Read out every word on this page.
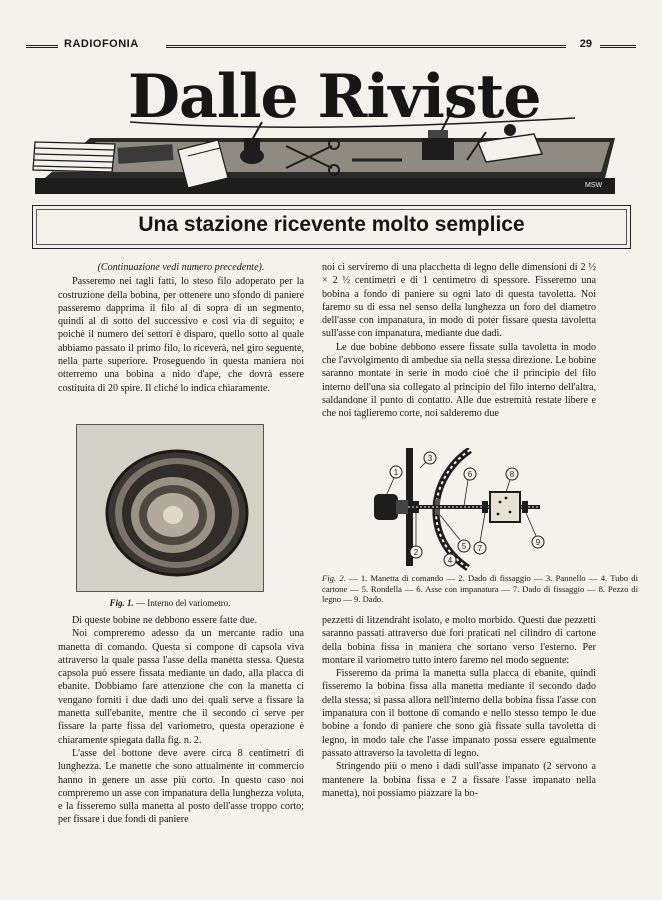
RADIOFONIA	29
Dalle Riviste
MSW
Una stazione ricevente molto semplice

(Continuazione vedi numero precedente).

Passeremo nei tagli fatti, lo steso filo adoperato per la costruzione della bobina, per ottenere uno sfondo di paniere passeremo dapprima il filo al di sopra di un segmento, quindi al di sotto del successivo e così via di seguito; e poichè il numero dei settori è disparo, quello sotto al quale abbiamo passato il primo filo, lo riceverà, nel giro seguente, nella parte superiore. Proseguendo in questa maniera noi otterremo una bobina a nido d'ape, che dovrà essere costituita di 20 spire. Il cliché lo indica chiaramente.

Fig. 1. — Interno del variometro.

Di queste bobine ne debbono essere fatte due.

Noi compreremo adesso da un mercante radio una manetta di comando. Questa si compone di capsola viva attraverso la quale passa l'asse della manetta stessa. Questa capsola può essere fissata mediante un dado, alla placca di ebanite. Dobbiamo fare attenzione che con la manetta ci vengano forniti i due dadi uno dei quali serve a fissare la manetta sull'ebanite, mentre che il secondo ci serve per fissare la parte fissa del variometro, questa operazione è chiaramente spiegata dalla fig. n. 2.

L'asse del bottone deve avere circa 8 centimetri di lunghezza. Le manette che sono attualmente in commercio hanno in genere un asse più corto. In questo caso noi compreremo un asse con impanatura della lunghezza voluta, e la fisseremo sulla manetta al posto dell'asse troppo corto; per fissare i due fondi di paniere

noi ci serviremo di una placchetta di legno delle dimensioni di 2 ½ × 2 ½ centimetri e di 1 centimetro di spessore. Fisseremo una bobina a fondo di paniere su ogni lato di questa tavoletta. Noi faremo su di essa nel senso della lunghezza un foro del diametro dell'asse con impanatura, in modo di poter fissare questa tavoletta sull'asse con impanatura, mediante due dadi.

Le due bobine debbono essere fissate sulla tavoletta in modo che l'avvolgimento di ambedue sia nella stessa direzione. Le bobine saranno montate in serie in modo cioè che il principio del filo interno dell'una sia collegato al principio del filo interno dell'altra, saldandone il punto di contatto. Alle due estremità restate libere e che noi taglieremo corte, noi salderemo due

1
2
3
4
5
6
7
8
9
Fig. 2. — 1. Manetta di comando — 2. Dado di fissaggio — 3. Pannello — 4. Tubo di cartone — 5. Rondella — 6. Asse con impanatura — 7. Dado di fissaggio — 8. Pezzo di legno — 9. Dado.

pezzetti di litzendraht isolato, e molto morbido. Questi due pezzetti saranno passati attraverso due fori praticati nel cilindro di cartone della bobina fissa in maniera che sortano verso l'esterno. Per montare il variometro tutto intero faremo nel modo seguente:

Fisseremo da prima la manetta sulla placca di ebanite, quindi fisseremo la bobina fissa alla manetta mediante il secondo dado della stessa; si passa allora nell'interno della bobina fissa l'asse con impanatura con il bottone di comando e nello stesso tempo le due bobine a fondo di paniere che sono già fissate sulla tavoletta di legno, in modo tale che l'asse impanato possa essere egualmente passato attraverso la tavoletta di legno.

Stringendo più o meno i dadi sull'asse impanato (2 servono a mantenere la bobina fissa e 2 a fissare l'asse impanato nella manetta), noi possiamo piazzare la bo-
